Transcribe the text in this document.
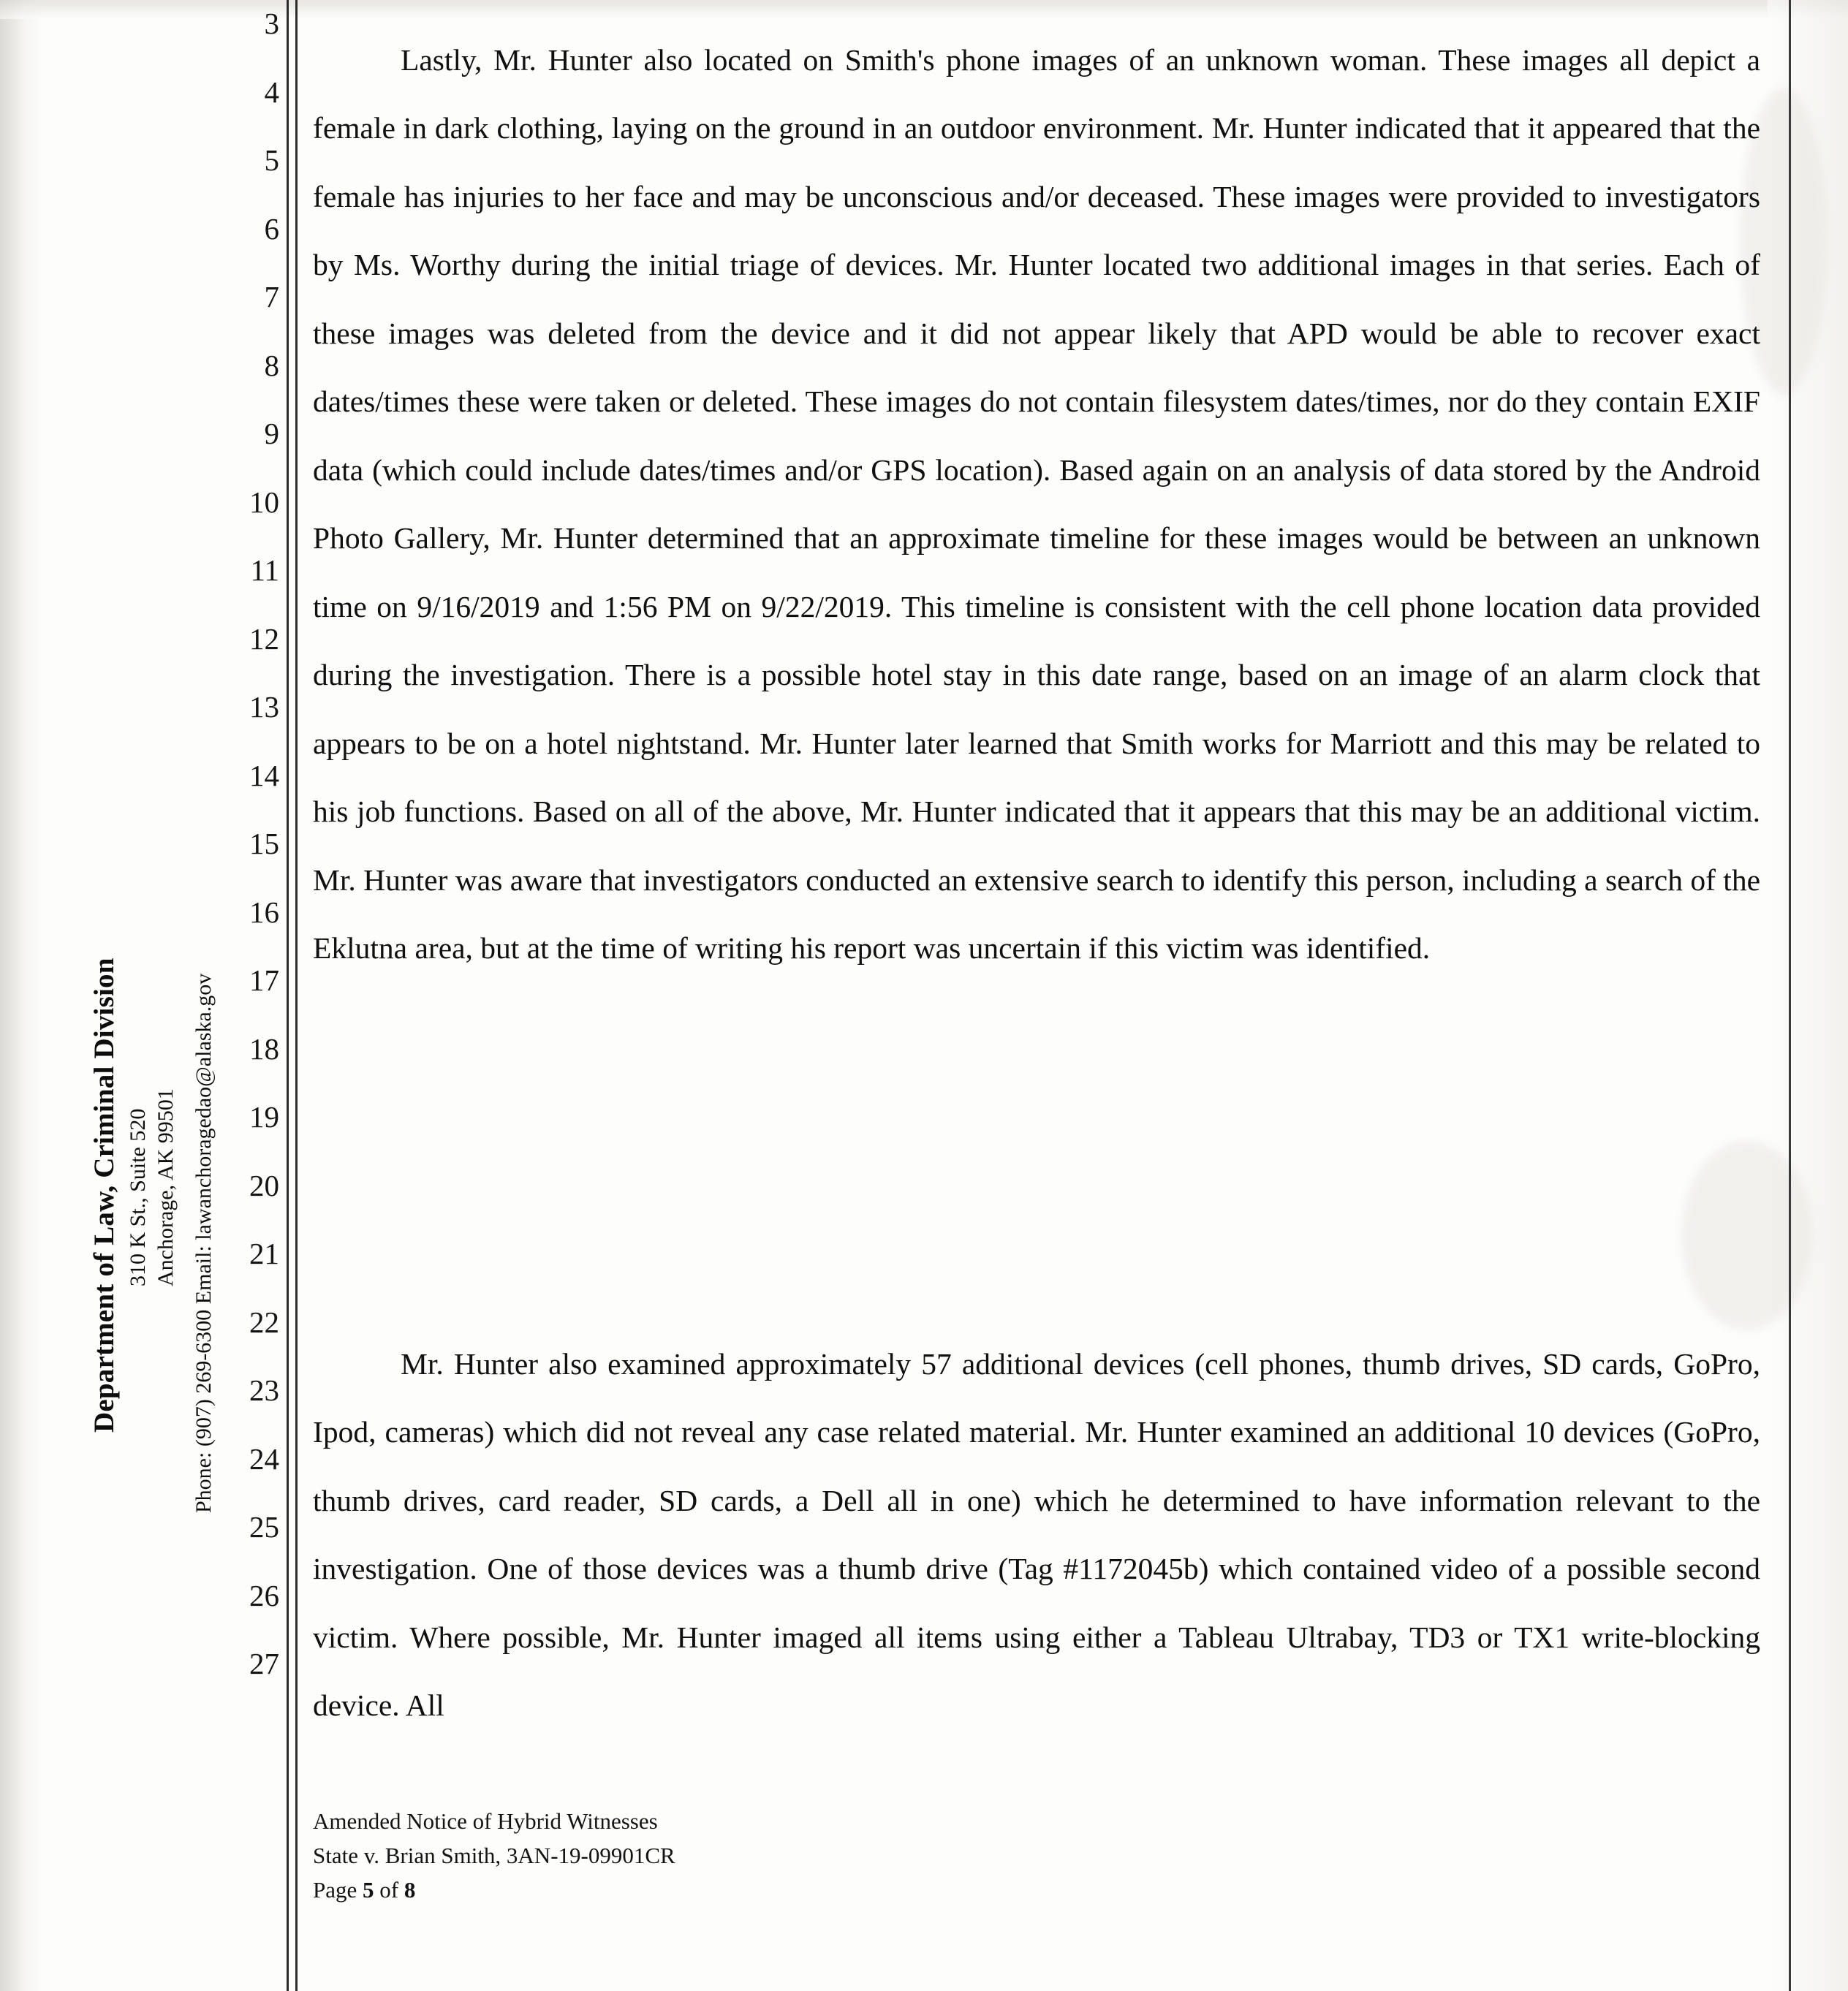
Department of Law, Criminal Division 310 K St., Suite 520 Anchorage, AK 99501 Phone: (907) 269-6300 Email: lawanchoragedao@alaska.gov
3
4
5
6
7
8
9
10
11
12
13
14
15
16
17
18
19
20
21
22
23
24
25
26
27

Lastly, Mr. Hunter also located on Smith's phone images of an unknown woman. These images all depict a female in dark clothing, laying on the ground in an outdoor environment. Mr. Hunter indicated that it appeared that the female has injuries to her face and may be unconscious and/or deceased. These images were provided to investigators by Ms. Worthy during the initial triage of devices. Mr. Hunter located two additional images in that series. Each of these images was deleted from the device and it did not appear likely that APD would be able to recover exact dates/times these were taken or deleted. These images do not contain filesystem dates/times, nor do they contain EXIF data (which could include dates/times and/or GPS location). Based again on an analysis of data stored by the Android Photo Gallery, Mr. Hunter determined that an approximate timeline for these images would be between an unknown time on 9/16/2019 and 1:56 PM on 9/22/2019. This timeline is consistent with the cell phone location data provided during the investigation. There is a possible hotel stay in this date range, based on an image of an alarm clock that appears to be on a hotel nightstand. Mr. Hunter later learned that Smith works for Marriott and this may be related to his job functions. Based on all of the above, Mr. Hunter indicated that it appears that this may be an additional victim. Mr. Hunter was aware that investigators conducted an extensive search to identify this person, including a search of the Eklutna area, but at the time of writing his report was uncertain if this victim was identified.

Mr. Hunter also examined approximately 57 additional devices (cell phones, thumb drives, SD cards, GoPro, Ipod, cameras) which did not reveal any case related material. Mr. Hunter examined an additional 10 devices (GoPro, thumb drives, card reader, SD cards, a Dell all in one) which he determined to have information relevant to the investigation. One of those devices was a thumb drive (Tag #1172045b) which contained video of a possible second victim. Where possible, Mr. Hunter imaged all items using either a Tableau Ultrabay, TD3 or TX1 write-blocking device. All

Amended Notice of Hybrid Witnesses
State v. Brian Smith, 3AN-19-09901CR
Page 5 of 8
